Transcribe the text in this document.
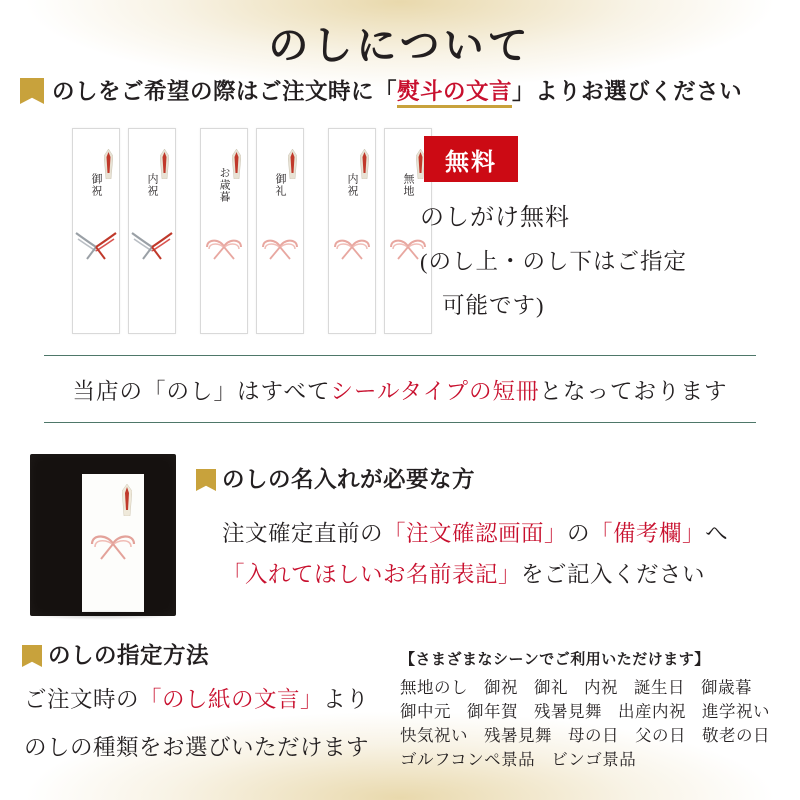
のしについて
のしをご希望の際はご注文時に「熨斗の文言」よりお選びください
御祝	内祝	お歳暮	御礼	内祝	無地
無料
のしがけ無料
(のし上・のし下はご指定
可能です)
当店の「のし」はすべてシールタイプの短冊となっております
のしの名入れが必要な方
注文確定直前の「注文確認画面」の「備考欄」へ
「入れてほしいお名前表記」をご記入ください
のしの指定方法
ご注文時の「のし紙の文言」より
のしの種類をお選びいただけます
【さまざまなシーンでご利用いただけます】
無地のし 御祝 御礼 内祝 誕生日 御歳暮
御中元 御年賀 残暑見舞 出産内祝 進学祝い
快気祝い 残暑見舞 母の日 父の日 敬老の日
ゴルフコンペ景品 ビンゴ景品
